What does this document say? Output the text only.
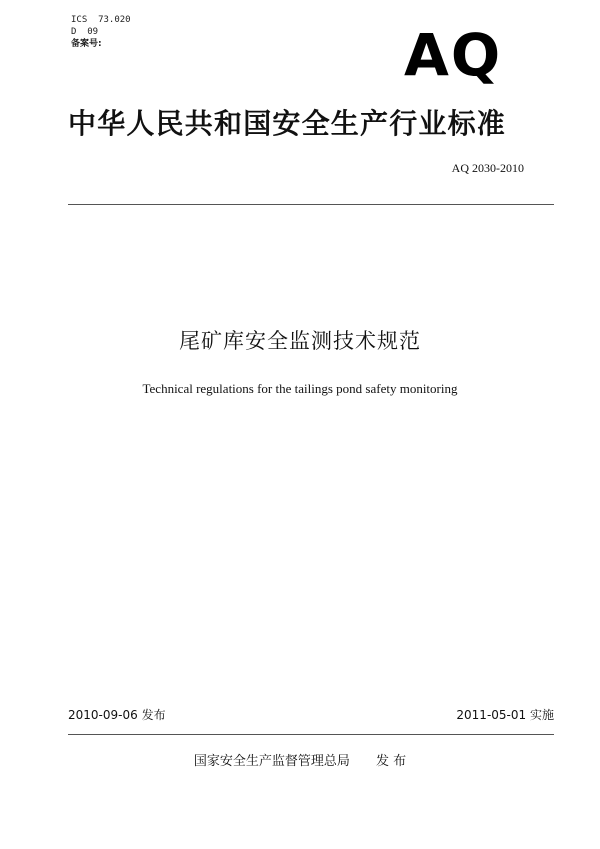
ICS  73.020
D  09
备案号:	AQ
中华人民共和国安全生产行业标准
AQ 2030-2010
尾矿库安全监测技术规范
Technical regulations for the tailings pond safety monitoring
2010-09-06 发布	2011-05-01 实施
国家安全生产监督管理总局 发 布
